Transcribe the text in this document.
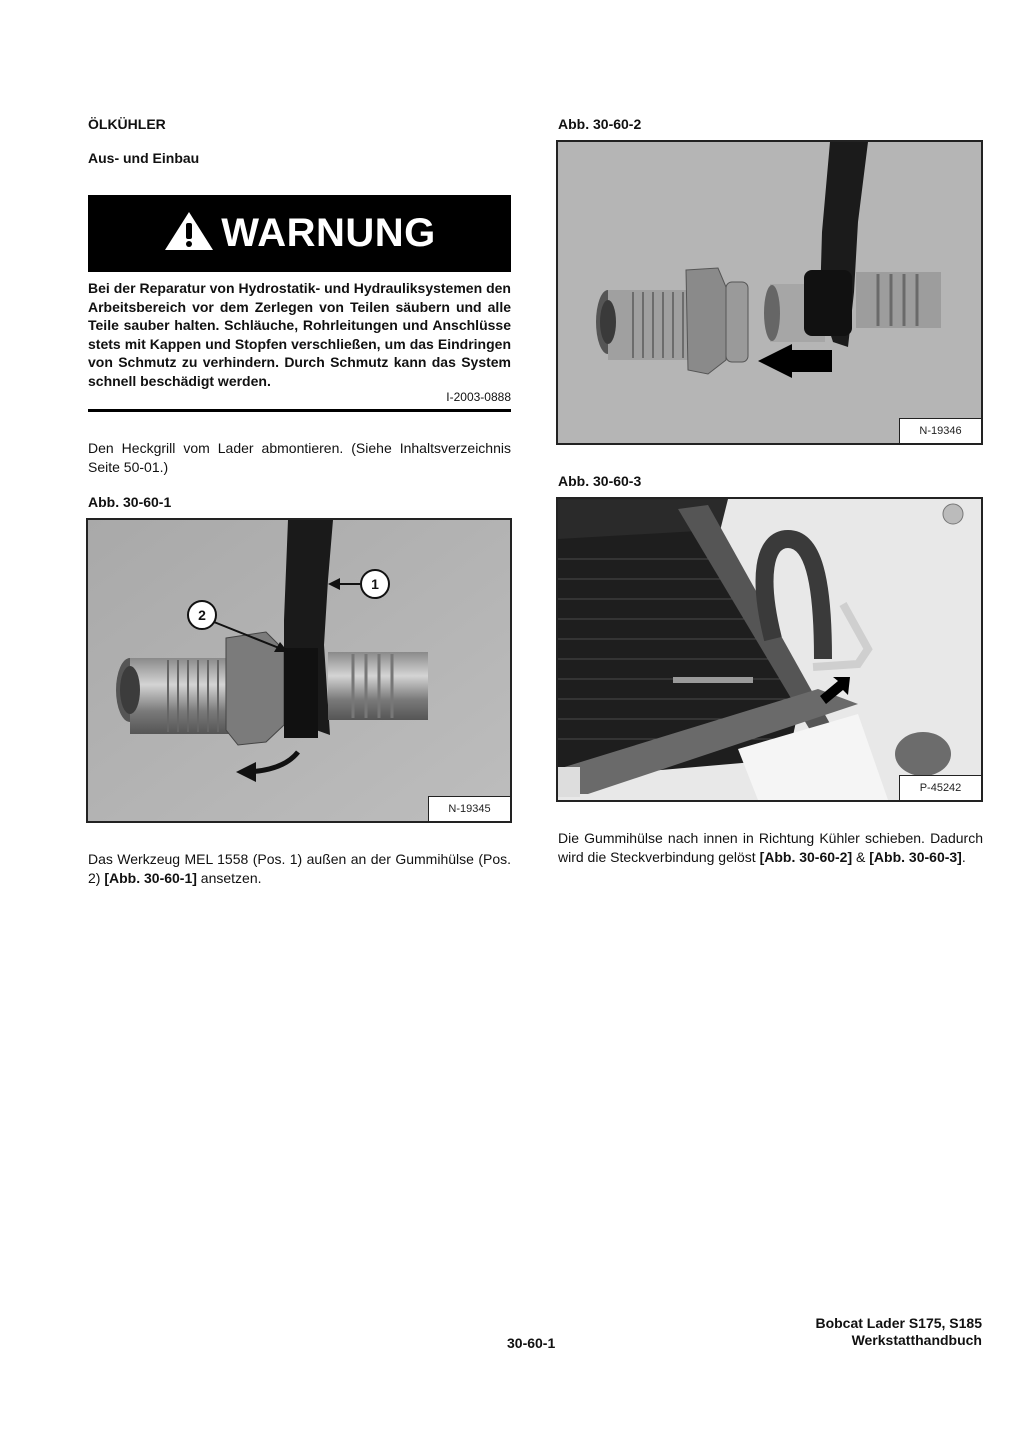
ÖLKÜHLER
Aus- und Einbau
WARNUNG
Bei der Reparatur von Hydrostatik- und Hydrauliksystemen den Arbeitsbereich vor dem Zerlegen von Teilen säubern und alle Teile sauber halten. Schläuche, Rohrleitungen und Anschlüsse stets mit Kappen und Stopfen verschließen, um das Eindringen von Schmutz zu verhindern. Durch Schmutz kann das System schnell beschädigt werden.
I-2003-0888
Den Heckgrill vom Lader abmontieren. (Siehe Inhaltsverzeichnis Seite 50-01.)
Abb. 30-60-1
1
2
N-19345
Das Werkzeug MEL 1558 (Pos. 1) außen an der Gummihülse (Pos. 2) [Abb. 30-60-1] ansetzen.
Abb. 30-60-2
N-19346
Abb. 30-60-3
P-45242
Die Gummihülse nach innen in Richtung Kühler schieben. Dadurch wird die Steckverbindung gelöst [Abb. 30-60-2] & [Abb. 30-60-3].
30-60-1
Bobcat Lader S175, S185
Werkstatthandbuch
